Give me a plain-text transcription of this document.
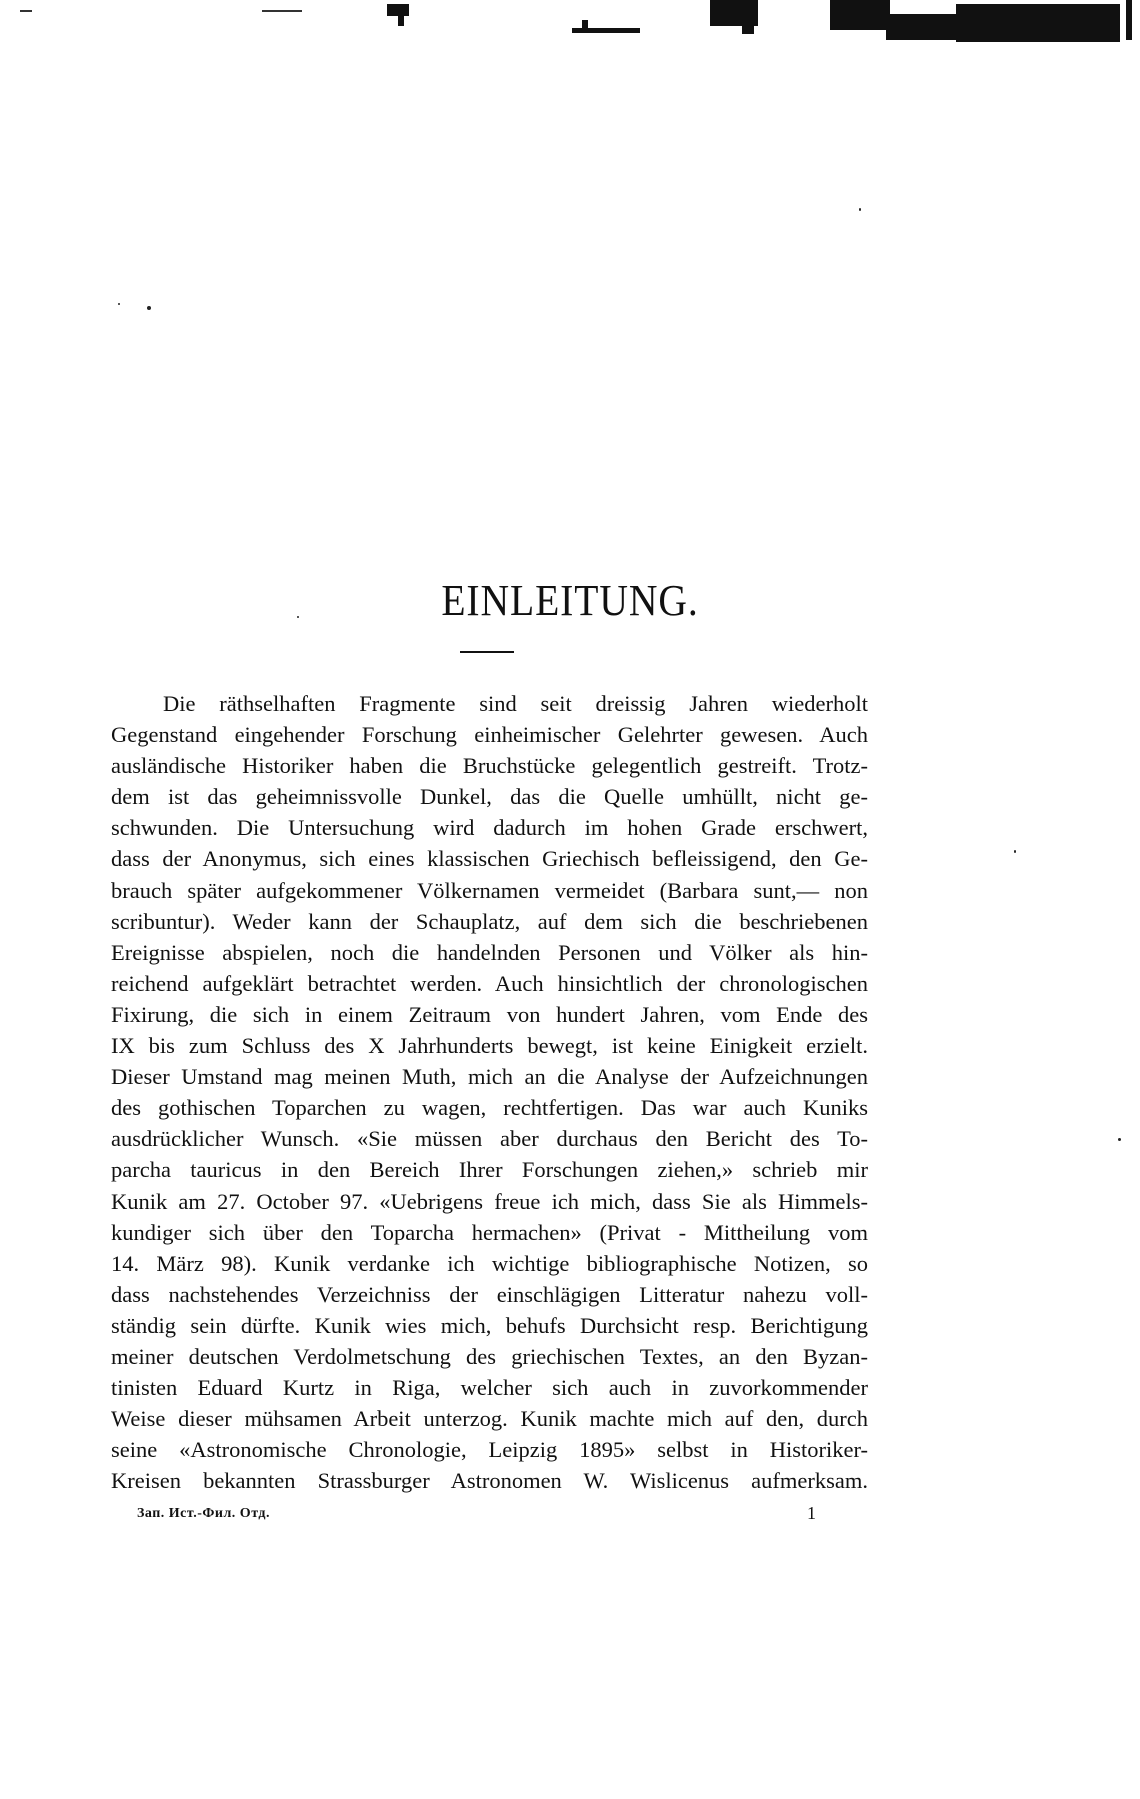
EINLEITUNG.
Die räthselhaften Fragmente sind seit dreissig Jahren wiederholt
Gegenstand eingehender Forschung einheimischer Gelehrter gewesen. Auch
ausländische Historiker haben die Bruchstücke gelegentlich gestreift. Trotz-
dem ist das geheimnissvolle Dunkel, das die Quelle umhüllt, nicht ge-
schwunden. Die Untersuchung wird dadurch im hohen Grade erschwert,
dass der Anonymus, sich eines klassischen Griechisch befleissigend, den Ge-
brauch später aufgekommener Völkernamen vermeidet (Barbara sunt,— non
scribuntur). Weder kann der Schauplatz, auf dem sich die beschriebenen
Ereignisse abspielen, noch die handelnden Personen und Völker als hin-
reichend aufgeklärt betrachtet werden. Auch hinsichtlich der chronologischen
Fixirung, die sich in einem Zeitraum von hundert Jahren, vom Ende des
IX bis zum Schluss des X Jahrhunderts bewegt, ist keine Einigkeit erzielt.
Dieser Umstand mag meinen Muth, mich an die Analyse der Aufzeichnungen
des gothischen Toparchen zu wagen, rechtfertigen. Das war auch Kuniks
ausdrücklicher Wunsch. «Sie müssen aber durchaus den Bericht des To-
parcha tauricus in den Bereich Ihrer Forschungen ziehen,» schrieb mir
Kunik am 27. October 97. «Uebrigens freue ich mich, dass Sie als Himmels-
kundiger sich über den Toparcha hermachen» (Privat - Mittheilung vom
14. März 98). Kunik verdanke ich wichtige bibliographische Notizen, so
dass nachstehendes Verzeichniss der einschlägigen Litteratur nahezu voll-
ständig sein dürfte. Kunik wies mich, behufs Durchsicht resp. Berichtigung
meiner deutschen Verdolmetschung des griechischen Textes, an den Byzan-
tinisten Eduard Kurtz in Riga, welcher sich auch in zuvorkommender
Weise dieser mühsamen Arbeit unterzog. Kunik machte mich auf den, durch
seine «Astronomische Chronologie, Leipzig 1895» selbst in Historiker-
Kreisen bekannten Strassburger Astronomen W. Wislicenus aufmerksam.
Зап. Ист.-Фил. Отд.	1
